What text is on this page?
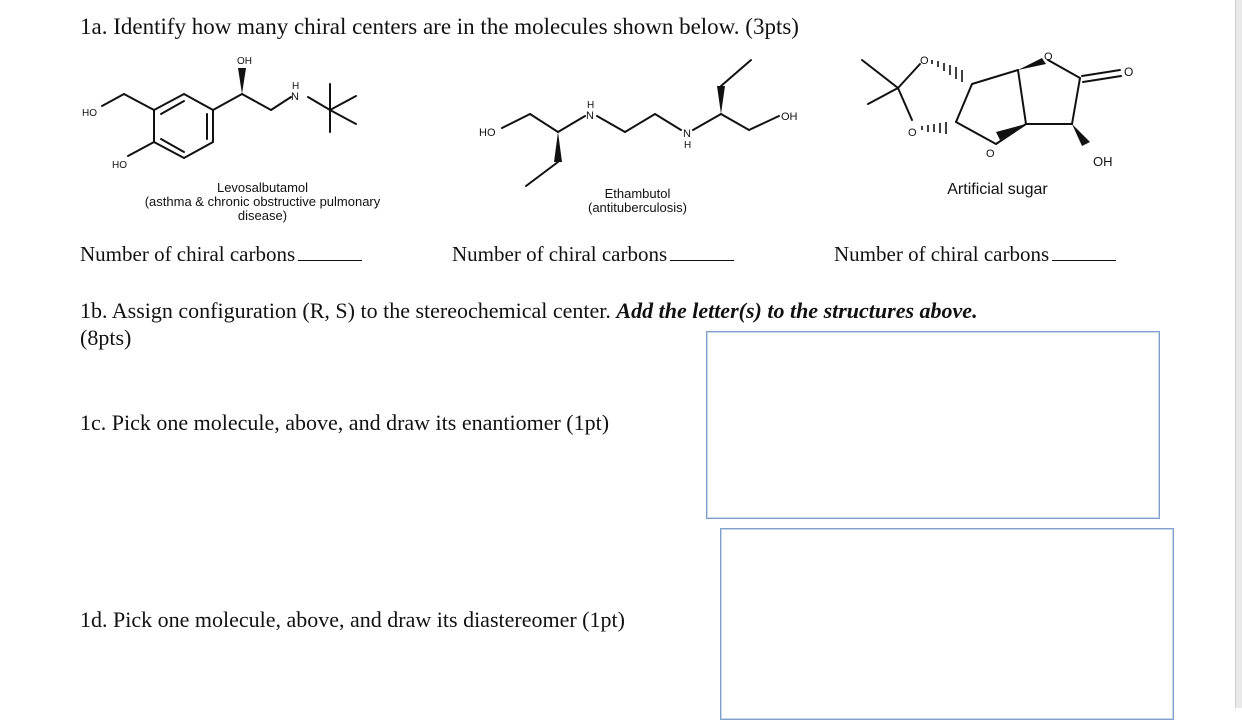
1a. Identify how many chiral centers are in the molecules shown below. (3pts)
OH
HO
HO
H
N
Levosalbutamol
(asthma & chronic obstructive pulmonary
disease)
HO
OH
H
N
N
H
Ethambutol
(antituberculosis)
O	O
O
O
O	OH
Artificial sugar
Number of chiral carbons	Number of chiral carbons	Number of chiral carbons
1b. Assign configuration (R, S) to the stereochemical center. Add the letter(s) to the structures above.
(8pts)
1c. Pick one molecule, above, and draw its enantiomer (1pt)
1d. Pick one molecule, above, and draw its diastereomer (1pt)
